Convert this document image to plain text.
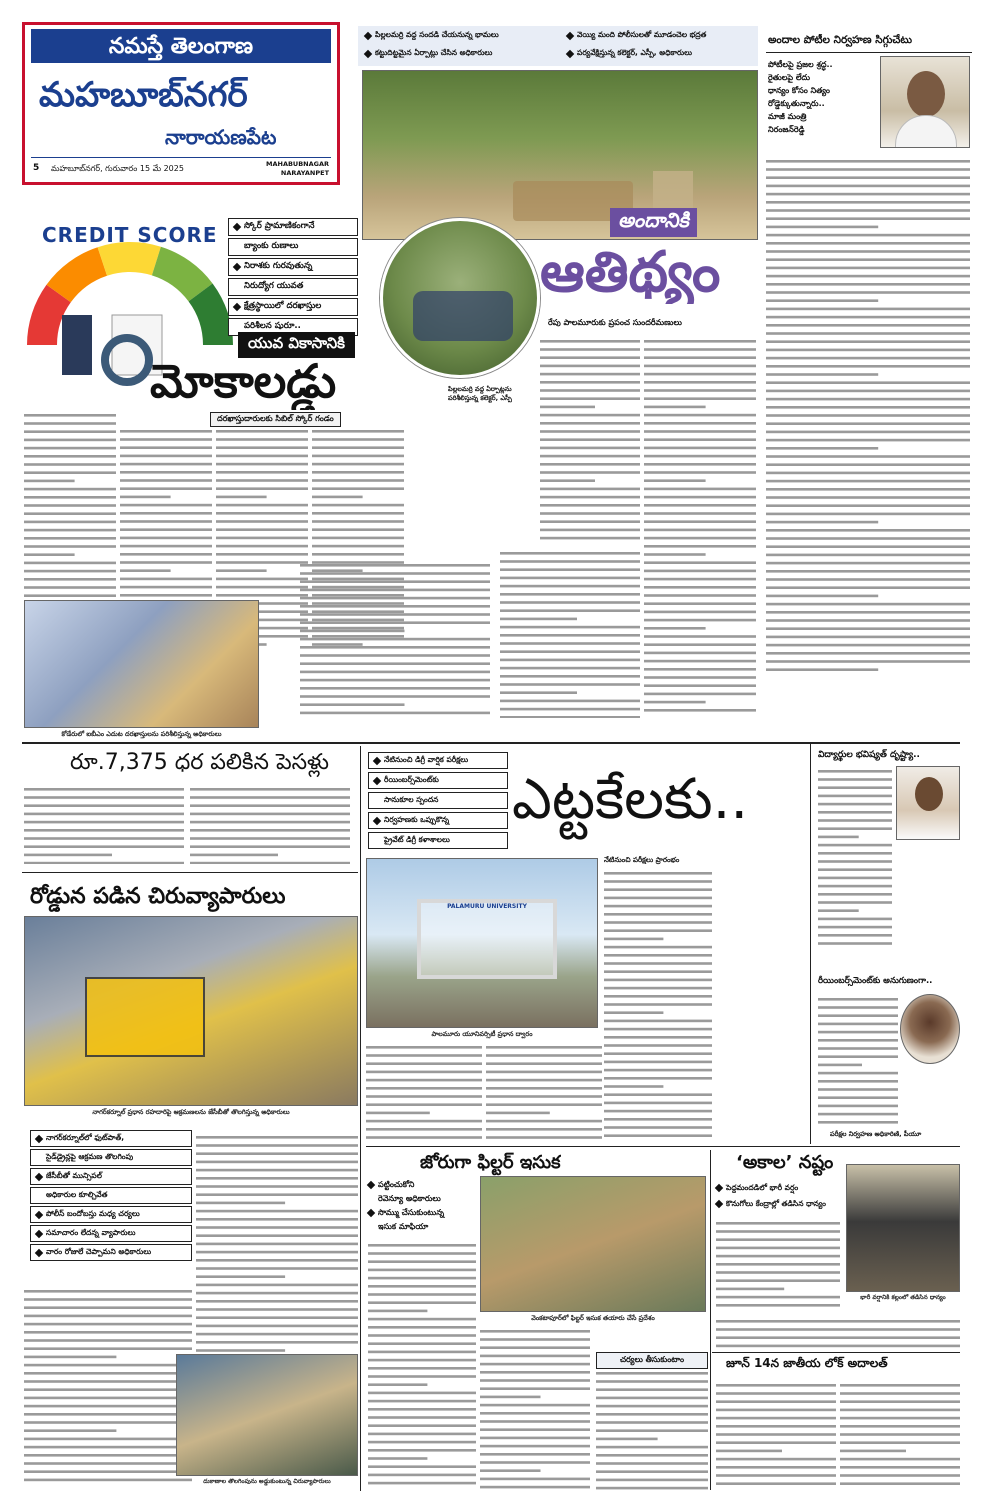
నమస్తే తెలంగాణ
మహబూబ్‌నగర్
నారాయణపేట
5 మహబూబ్‌నగర్, గురువారం 15 మే 2025	MAHABUBNAGAR
NARAYANPET
పిల్లలమర్రి వద్ద సందడి చేయనున్న భామలు
కట్టుదిట్టమైన ఏర్పాట్లు చేసిన అధికారులు
వెయ్యి మంది పోలీసులతో మూడంచెల భద్రత
పర్యవేక్షిస్తున్న కలెక్టర్‌, ఎస్పీ, అధికారులు
అందానికి
ఆతిథ్యం
రేపు పాలమూరుకు ప్రపంచ సుందరీమణులు
పిల్లలమర్రి వద్ద ఏర్పాట్లను పరిశీలిస్తున్న కలెక్టర్‌, ఎస్పీ
అందాల పోటీల నిర్వహణ సిగ్గుచేటు
పోటీలపై ప్రజల శ్రద్ధ..
రైతులపై లేదు
ధాన్యం కోసం నిత్యం
రోడ్డెక్కుతున్నారు..
మాజీ మంత్రి
నిరంజన్‌రెడ్డి
CREDIT SCORE	స్కోర్‌ ప్రామాణికంగానే
బ్యాంకు రుణాలు
నిరాశకు గురవుతున్న
నిరుద్యోగ యువత
క్షేత్రస్థాయిలో దరఖాస్తుల
పరిశీలన షురూ..
యువ వికాసానికి
మోకాలడ్డు
దరఖాస్తుదారులకు సిబిల్‌ స్కోర్‌ గండం
కోడేరులో ఐబీఎం ఎదుట దరఖాస్తులను పరిశీలిస్తున్న అధికారులు
రూ.7,375 ధర పలికిన పెసళ్లు
రోడ్డున పడిన చిరువ్యాపారులు
నాగర్‌కర్నూల్‌ ప్రధాన రహదారిపై ఆక్రమణలను జేసీబీతో తొలగిస్తున్న అధికారులు
నాగర్‌కర్నూల్‌లో ఫుట్‌పాత్‌,
సైడ్‌డ్రైన్లపై ఆక్రమణ తొలగింపు
జేసీబీతో మున్సిపల్‌
అధికారుల కూల్చివేత
పోలీస్‌ బందోబస్తు మధ్య చర్యలు
సమాచారం లేదన్న వ్యాపారులు
వారం రోజులే చెప్పామని అధికారులు
దుకాణాల తొలగింపును అడ్డుకుంటున్న చిరువ్యాపారులు
నేటినుంచి డిగ్రీ వార్షిక పరీక్షలు
రీయింబర్స్‌మెంట్‌కు
సానుకూల స్పందన
నిర్వహణకు ఒప్పుకొన్న
ప్రైవేట్‌ డిగ్రీ కళాశాలలు
ఎట్టకేలకు..
PALAMURU UNIVERSITY
పాలమూరు యూనివర్సిటీ ప్రధాన ద్వారం
నేటినుంచి పరీక్షలు ప్రారంభం
విద్యార్థుల భవిష్యత్‌ దృష్ట్యా..
రీయింబర్స్‌మెంట్‌కు అనుగుణంగా..
పరీక్షల నిర్వహణ అధికారిణి, పీయూ
జోరుగా ఫిల్టర్‌ ఇసుక
పట్టించుకోని
రెవెన్యూ అధికారులు
సొమ్ము చేసుకుంటున్న
ఇసుక మాఫియా
వెంకటాపూర్‌లో ఫిల్టర్‌ ఇసుక తయారు చేసే ప్రదేశం
చర్యలు తీసుకుంటాం
‘అకాల’ నష్టం
పెద్దమందడిలో భారీ వర్షం
కొనుగోలు కేంద్రాల్లో తడిసిన ధాన్యం
భారీ వర్షానికి కల్లంలో తడిసిన ధాన్యం
జూన్‌ 14న జాతీయ లోక్‌ అదాలత్‌
